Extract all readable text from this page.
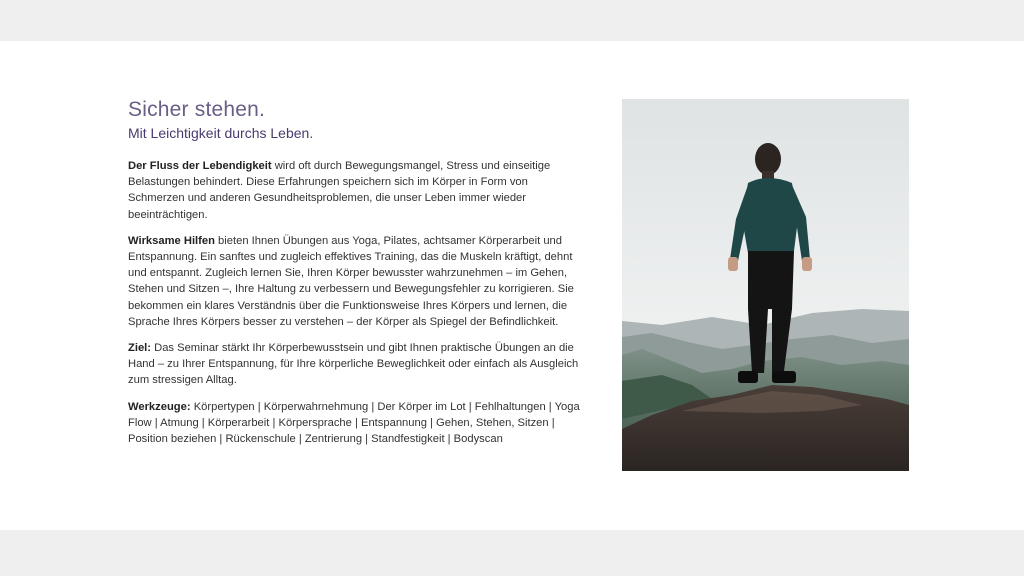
Sicher stehen.
Mit Leichtigkeit durchs Leben.

Der Fluss der Lebendigkeit wird oft durch Bewegungsmangel, Stress und einseitige Belastungen behindert. Diese Erfahrungen speichern sich im Körper in Form von Schmerzen und anderen Gesundheitsproblemen, die unser Leben immer wieder beeinträchtigen.

Wirksame Hilfen bieten Ihnen Übungen aus Yoga, Pilates, achtsamer Körperarbeit und Entspannung. Ein sanftes und zugleich effektives Training, das die Muskeln kräftigt, dehnt und entspannt. Zugleich lernen Sie, Ihren Körper bewusster wahrzunehmen – im Gehen, Stehen und Sitzen –, Ihre Haltung zu verbessern und Bewegungsfehler zu korrigieren. Sie bekommen ein klares Verständnis über die Funktionsweise Ihres Körpers und lernen, die Sprache Ihres Körpers besser zu verstehen – der Körper als Spiegel der Befindlichkeit.

Ziel: Das Seminar stärkt Ihr Körperbewusstsein und gibt Ihnen praktische Übungen an die Hand – zu Ihrer Entspannung, für Ihre körperliche Beweglichkeit oder einfach als Ausgleich zum stressigen Alltag.

Werkzeuge: Körpertypen | Körperwahrnehmung | Der Körper im Lot | Fehlhaltungen | Yoga Flow | Atmung | Körperarbeit | Körpersprache | Entspannung | Gehen, Stehen, Sitzen | Position beziehen | Rückenschule | Zentrierung | Standfestigkeit | Bodyscan
